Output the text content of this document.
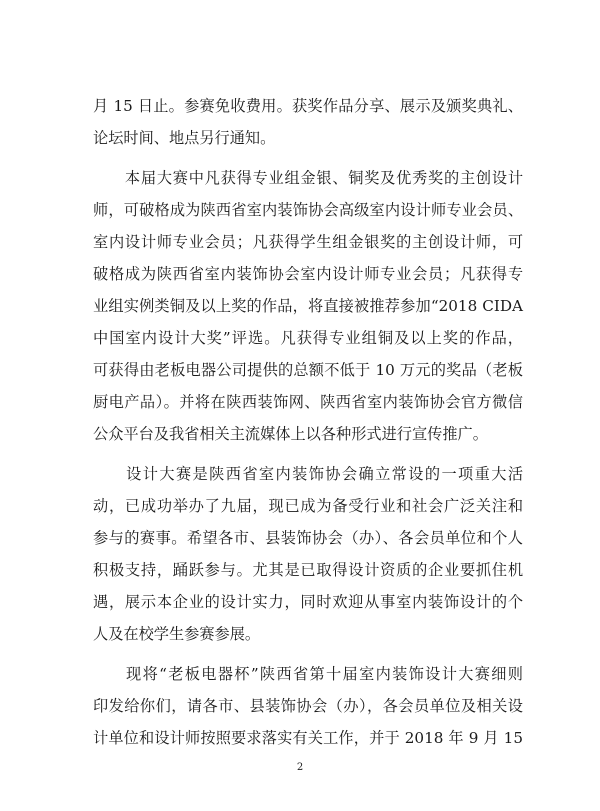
月 15 日止。参赛免收费用。获奖作品分享、展示及颁奖典礼、
论坛时间、地点另行通知。
　　本届大赛中凡获得专业组金银、铜奖及优秀奖的主创设计
师，可破格成为陕西省室内装饰协会高级室内设计师专业会员、
室内设计师专业会员；凡获得学生组金银奖的主创设计师，可
破格成为陕西省室内装饰协会室内设计师专业会员；凡获得专
业组实例类铜及以上奖的作品，将直接被推荐参加“2018 CIDA
中国室内设计大奖”评选。凡获得专业组铜及以上奖的作品，
可获得由老板电器公司提供的总额不低于 10 万元的奖品（老板
厨电产品）。并将在陕西装饰网、陕西省室内装饰协会官方微信
公众平台及我省相关主流媒体上以各种形式进行宣传推广。
　　设计大赛是陕西省室内装饰协会确立常设的一项重大活
动，已成功举办了九届，现已成为备受行业和社会广泛关注和
参与的赛事。希望各市、县装饰协会（办）、各会员单位和个人
积极支持，踊跃参与。尤其是已取得设计资质的企业要抓住机
遇，展示本企业的设计实力，同时欢迎从事室内装饰设计的个
人及在校学生参赛参展。
　　现将“老板电器杯”陕西省第十届室内装饰设计大赛细则
印发给你们，请各市、县装饰协会（办），各会员单位及相关设
计单位和设计师按照要求落实有关工作，并于 2018 年 9 月 15
2
